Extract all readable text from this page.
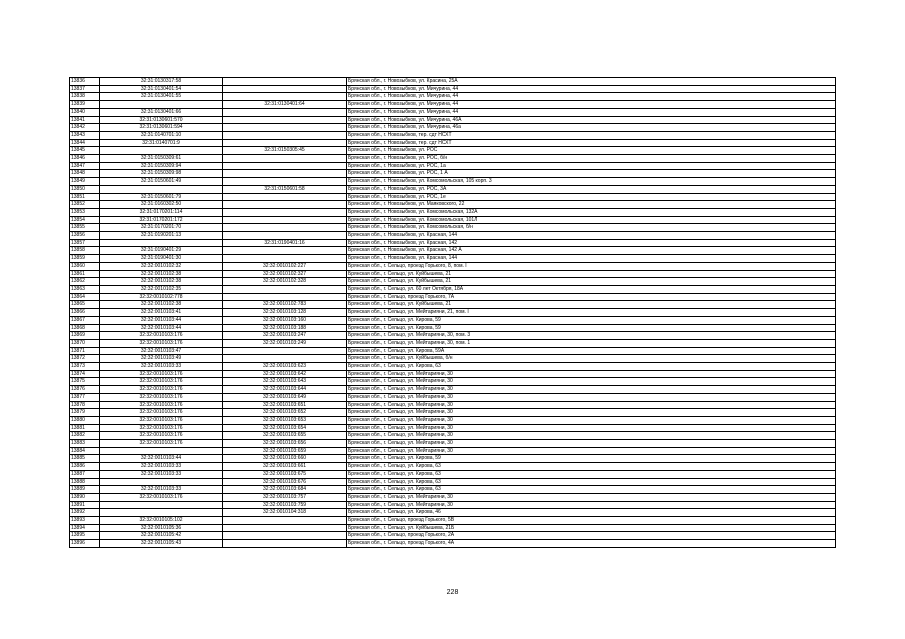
13836	32:31:0130317:58		Брянская обл., г. Новозыбков, ул. Красина, 25А
13837	32:31:0130401:54		Брянская обл., г. Новозыбков, ул. Мичурина, 44
13838	32:31:0130401:55		Брянская обл., г. Новозыбков, ул. Мичурина, 44
13839		32:31:0130401:64	Брянская обл., г. Новозыбков, ул. Мичурина, 44
13840	32:31:0130401:66		Брянская обл., г. Новозыбков, ул. Мичурина, 44
13841	32:31:0130601:570		Брянская обл., г. Новозыбков, ул. Мичурина, 46А
13842	32:31:0130601:594		Брянская обл., г. Новозыбков, ул. Мичурина, 46а
13843	32:31:0140701:10		Брянская обл., г. Новозыбков, тер. сдт НСХТ
13844	32:31:0140701:9		Брянская обл., г. Новозыбков, тер. сдт НСХТ
13845		32:31:0150305:45	Брянская обл., г. Новозыбков, ул. РОС
13846	32:31:0150309:61		Брянская обл., г. Новозыбков, ул. РОС, б/н
13847	32:31:0150309:94		Брянская обл., г. Новозыбков, ул. РОС, 1а
13848	32:31:0150309:98		Брянская обл., г. Новозыбков, ул. РОС, 1 А
13849	32:31:0150601:49		Брянская обл., г. Новозыбков, ул. Комсомольская, 105 корп. 3
13850		32:31:0150601:58	Брянская обл., г. Новозыбков, ул. РОС, 3А
13851	32:31:0150601:79		Брянская обл., г. Новозыбков, ул. РОС, 1е
13852	32:31:0160302:50		Брянская обл., г. Новозыбков, ул. Маяковского, 22
13853	32:31:0170201:114		Брянская обл., г. Новозыбков, ул. Комсомольская, 132А
13854	32:31:0170201:172		Брянская обл., г. Новозыбков, ул. Комсомольская, 101Л
13855	32:31:0170201:70		Брянская обл., г. Новозыбков, ул. Комсомольская, б/н
13856	32:31:0190201:13		Брянская обл., г. Новозыбков, ул. Красная, 144
13857		32:31:0190401:16	Брянская обл., г. Новозыбков, ул. Красная, 142
13858	32:31:0190401:29		Брянская обл., г. Новозыбков, ул. Красная, 142 А
13859	32:31:0190401:30		Брянская обл., г. Новозыбков, ул. Красная, 144
13860	32:32:0010102:32	32:32:0010102:227	Брянская обл., г. Сельцо, проезд Горького, 8, пом. I
13861	32:32:0010102:38	32:32:0010102:327	Брянская обл., г. Сельцо, ул. Куйбышева, 21
13862	32:32:0010102:38	32:32:0010102:328	Брянская обл., г. Сельцо, ул. Куйбышева, 21
13863	32:32:0010102:35		Брянская обл., г. Сельцо, ул. 60 лет Октября, 18А
13864	32:32:0010102:778		Брянская обл., г. Сельцо, проезд Горького, 7А
13865	32:32:0010102:38	32:32:0010102:783	Брянская обл., г. Сельцо, ул. Куйбышева, 21
13866	32:32:0010103:41	32:32:0010103:128	Брянская обл., г. Сельцо, ул. Мейтарияни, 21, пом. I
13867	32:32:0010103:44	32:32:0010103:160	Брянская обл., г. Сельцо, ул. Кирова, 59
13868	32:32:0010103:44	32:32:0010103:188	Брянская обл., г. Сельцо, ул. Кирова, 59
13869	32:32:0010103:176	32:32:0010103:247	Брянская обл., г. Сельцо, ул. Мейтарияни, 30, пом. 3
13870	32:32:0010103:176	32:32:0010103:249	Брянская обл., г. Сельцо, ул. Мейтарияни, 30, пом. 1
13871	32:32:0010103:47		Брянская обл., г. Сельцо, ул. Кирова, 59А
13872	32:32:0010103:49		Брянская обл., г. Сельцо, ул. Куйбышева, б/н
13873	32:32:0010103:33	32:32:0010103:623	Брянская обл., г. Сельцо, ул. Кирова, 63
13874	32:32:0010103:176	32:32:0010103:642	Брянская обл., г. Сельцо, ул. Мейтарияни, 30
13875	32:32:0010103:176	32:32:0010103:643	Брянская обл., г. Сельцо, ул. Мейтарияни, 30
13876	32:32:0010103:176	32:32:0010103:644	Брянская обл., г. Сельцо, ул. Мейтарияни, 30
13877	32:32:0010103:176	32:32:0010103:649	Брянская обл., г. Сельцо, ул. Мейтарияни, 30
13878	32:32:0010103:176	32:32:0010103:651	Брянская обл., г. Сельцо, ул. Мейтарияни, 30
13879	32:32:0010103:176	32:32:0010103:652	Брянская обл., г. Сельцо, ул. Мейтарияни, 30
13880	32:32:0010103:176	32:32:0010103:653	Брянская обл., г. Сельцо, ул. Мейтарияни, 30
13881	32:32:0010103:176	32:32:0010103:654	Брянская обл., г. Сельцо, ул. Мейтарияни, 30
13882	32:32:0010103:176	32:32:0010103:655	Брянская обл., г. Сельцо, ул. Мейтарияни, 30
13883	32:32:0010103:176	32:32:0010103:656	Брянская обл., г. Сельцо, ул. Мейтарияни, 30
13884		32:32:0010103:659	Брянская обл., г. Сельцо, ул. Мейтарияни, 30
13885	32:32:0010103:44	32:32:0010103:660	Брянская обл., г. Сельцо, ул. Кирова, 59
13886	32:32:0010103:33	32:32:0010103:661	Брянская обл., г. Сельцо, ул. Кирова, 63
13887	32:32:0010103:33	32:32:0010103:675	Брянская обл., г. Сельцо, ул. Кирова, 63
13888		32:32:0010103:676	Брянская обл., г. Сельцо, ул. Кирова, 63
13889	32:32:0010103:33	32:32:0010103:684	Брянская обл., г. Сельцо, ул. Кирова, 63
13890	32:32:0010103:176	32:32:0010103:757	Брянская обл., г. Сельцо, ул. Мейтарияни, 30
13891		32:32:0010103:759	Брянская обл., г. Сельцо, ул. Мейтарияни, 30
13892		32:32:0010104:318	Брянская обл., г. Сельцо, ул. Кирова, 46
13893	32:32:0010105:102		Брянская обл., г. Сельцо, проезд Горького, 5В
13894	32:32:0010105:36		Брянская обл., г. Сельцо, ул. Куйбышева, 21Б
13895	32:32:0010105:42		Брянская обл., г. Сельцо, проезд Горького, 2А
13896	32:32:0010105:43		Брянская обл., г. Сельцо, проезд Горького, 4А
228
